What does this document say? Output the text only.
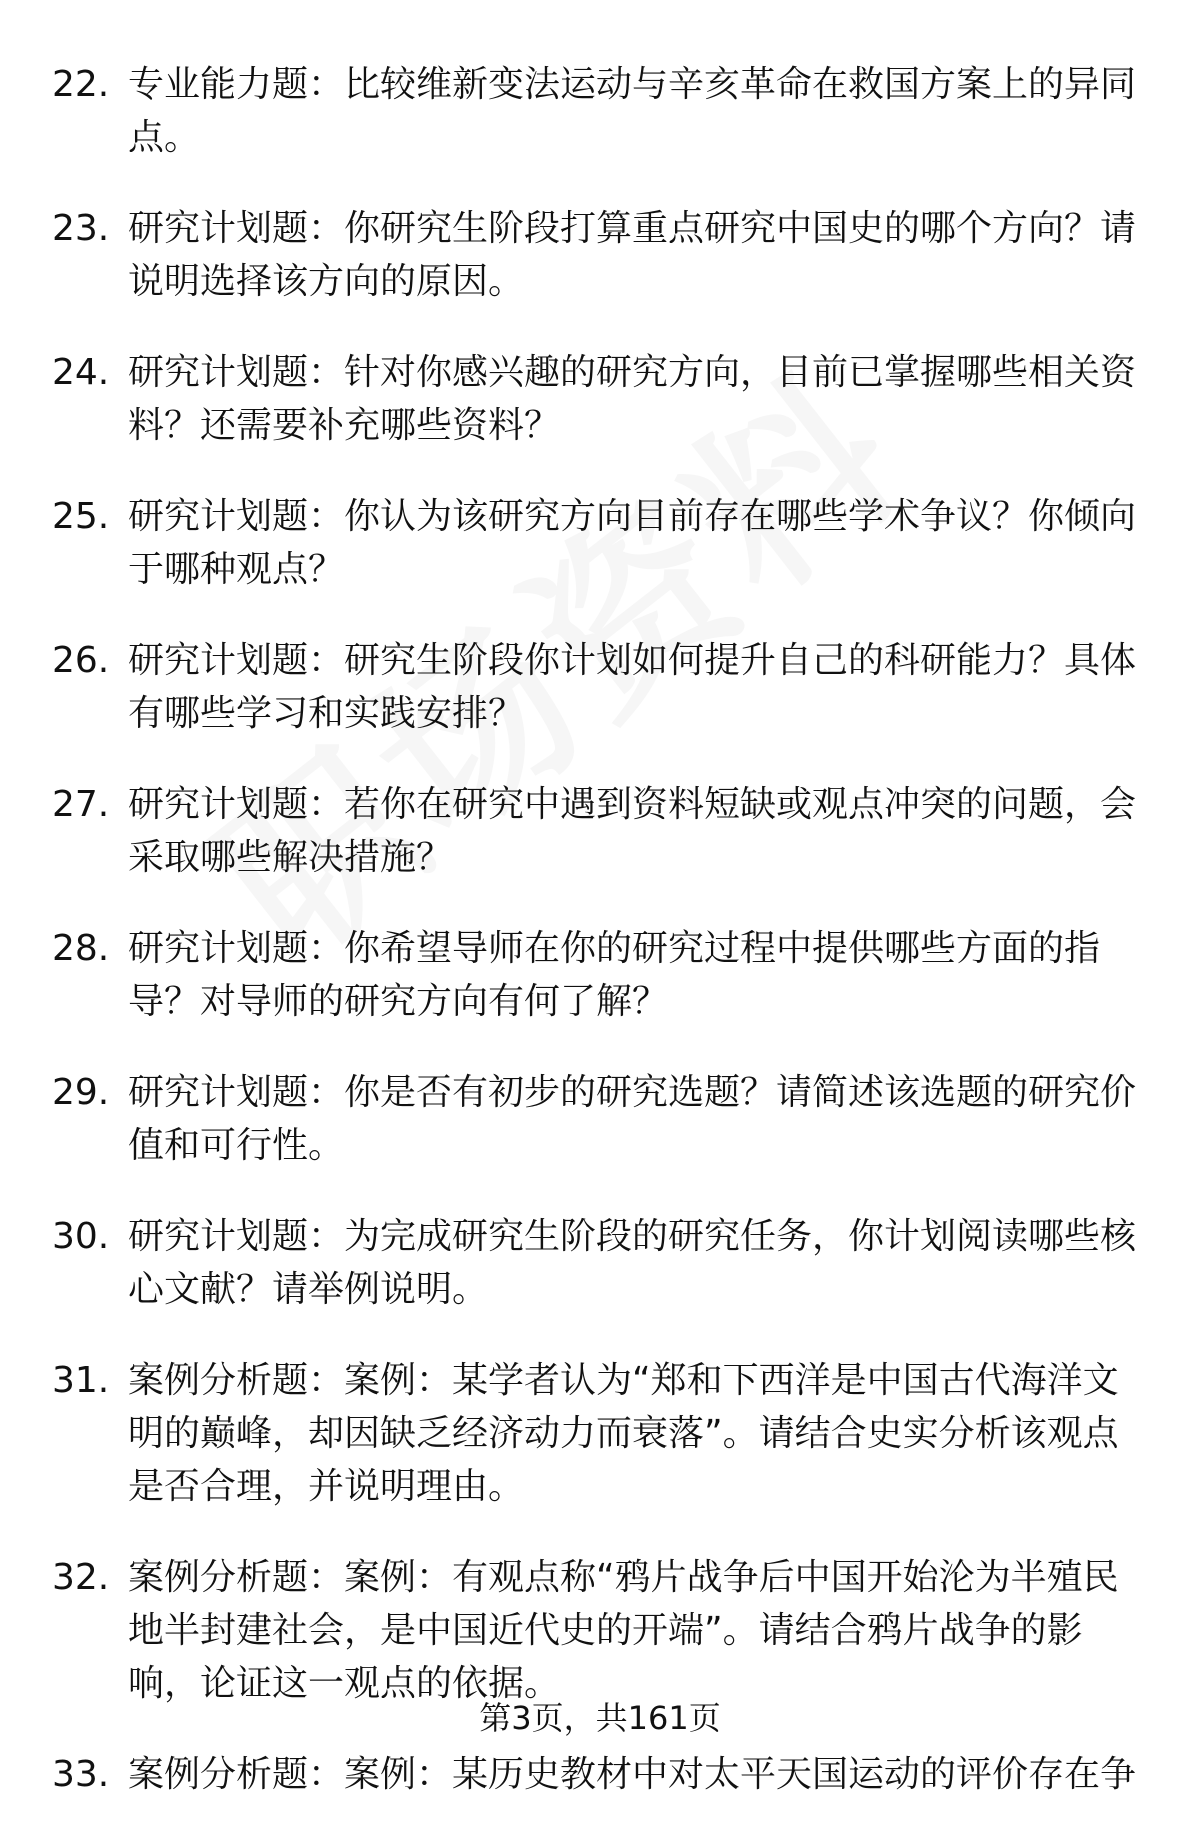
22. 专业能力题：比较维新变法运动与辛亥革命在救国方案上的异同点。
23. 研究计划题：你研究生阶段打算重点研究中国史的哪个方向？请说明选择该方向的原因。
24. 研究计划题：针对你感兴趣的研究方向，目前已掌握哪些相关资料？还需要补充哪些资料？
25. 研究计划题：你认为该研究方向目前存在哪些学术争议？你倾向于哪种观点？
26. 研究计划题：研究生阶段你计划如何提升自己的科研能力？具体有哪些学习和实践安排？
27. 研究计划题：若你在研究中遇到资料短缺或观点冲突的问题，会采取哪些解决措施？
28. 研究计划题：你希望导师在你的研究过程中提供哪些方面的指导？对导师的研究方向有何了解？
29. 研究计划题：你是否有初步的研究选题？请简述该选题的研究价值和可行性。
30. 研究计划题：为完成研究生阶段的研究任务，你计划阅读哪些核心文献？请举例说明。
31. 案例分析题：案例：某学者认为“郑和下西洋是中国古代海洋文明的巅峰，却因缺乏经济动力而衰落”。请结合史实分析该观点是否合理，并说明理由。
32. 案例分析题：案例：有观点称“鸦片战争后中国开始沦为半殖民地半封建社会，是中国近代史的开端”。请结合鸦片战争的影响，论证这一观点的依据。
33. 案例分析题：案例：某历史教材中对太平天国运动的评价存在争
第3页，共161页
